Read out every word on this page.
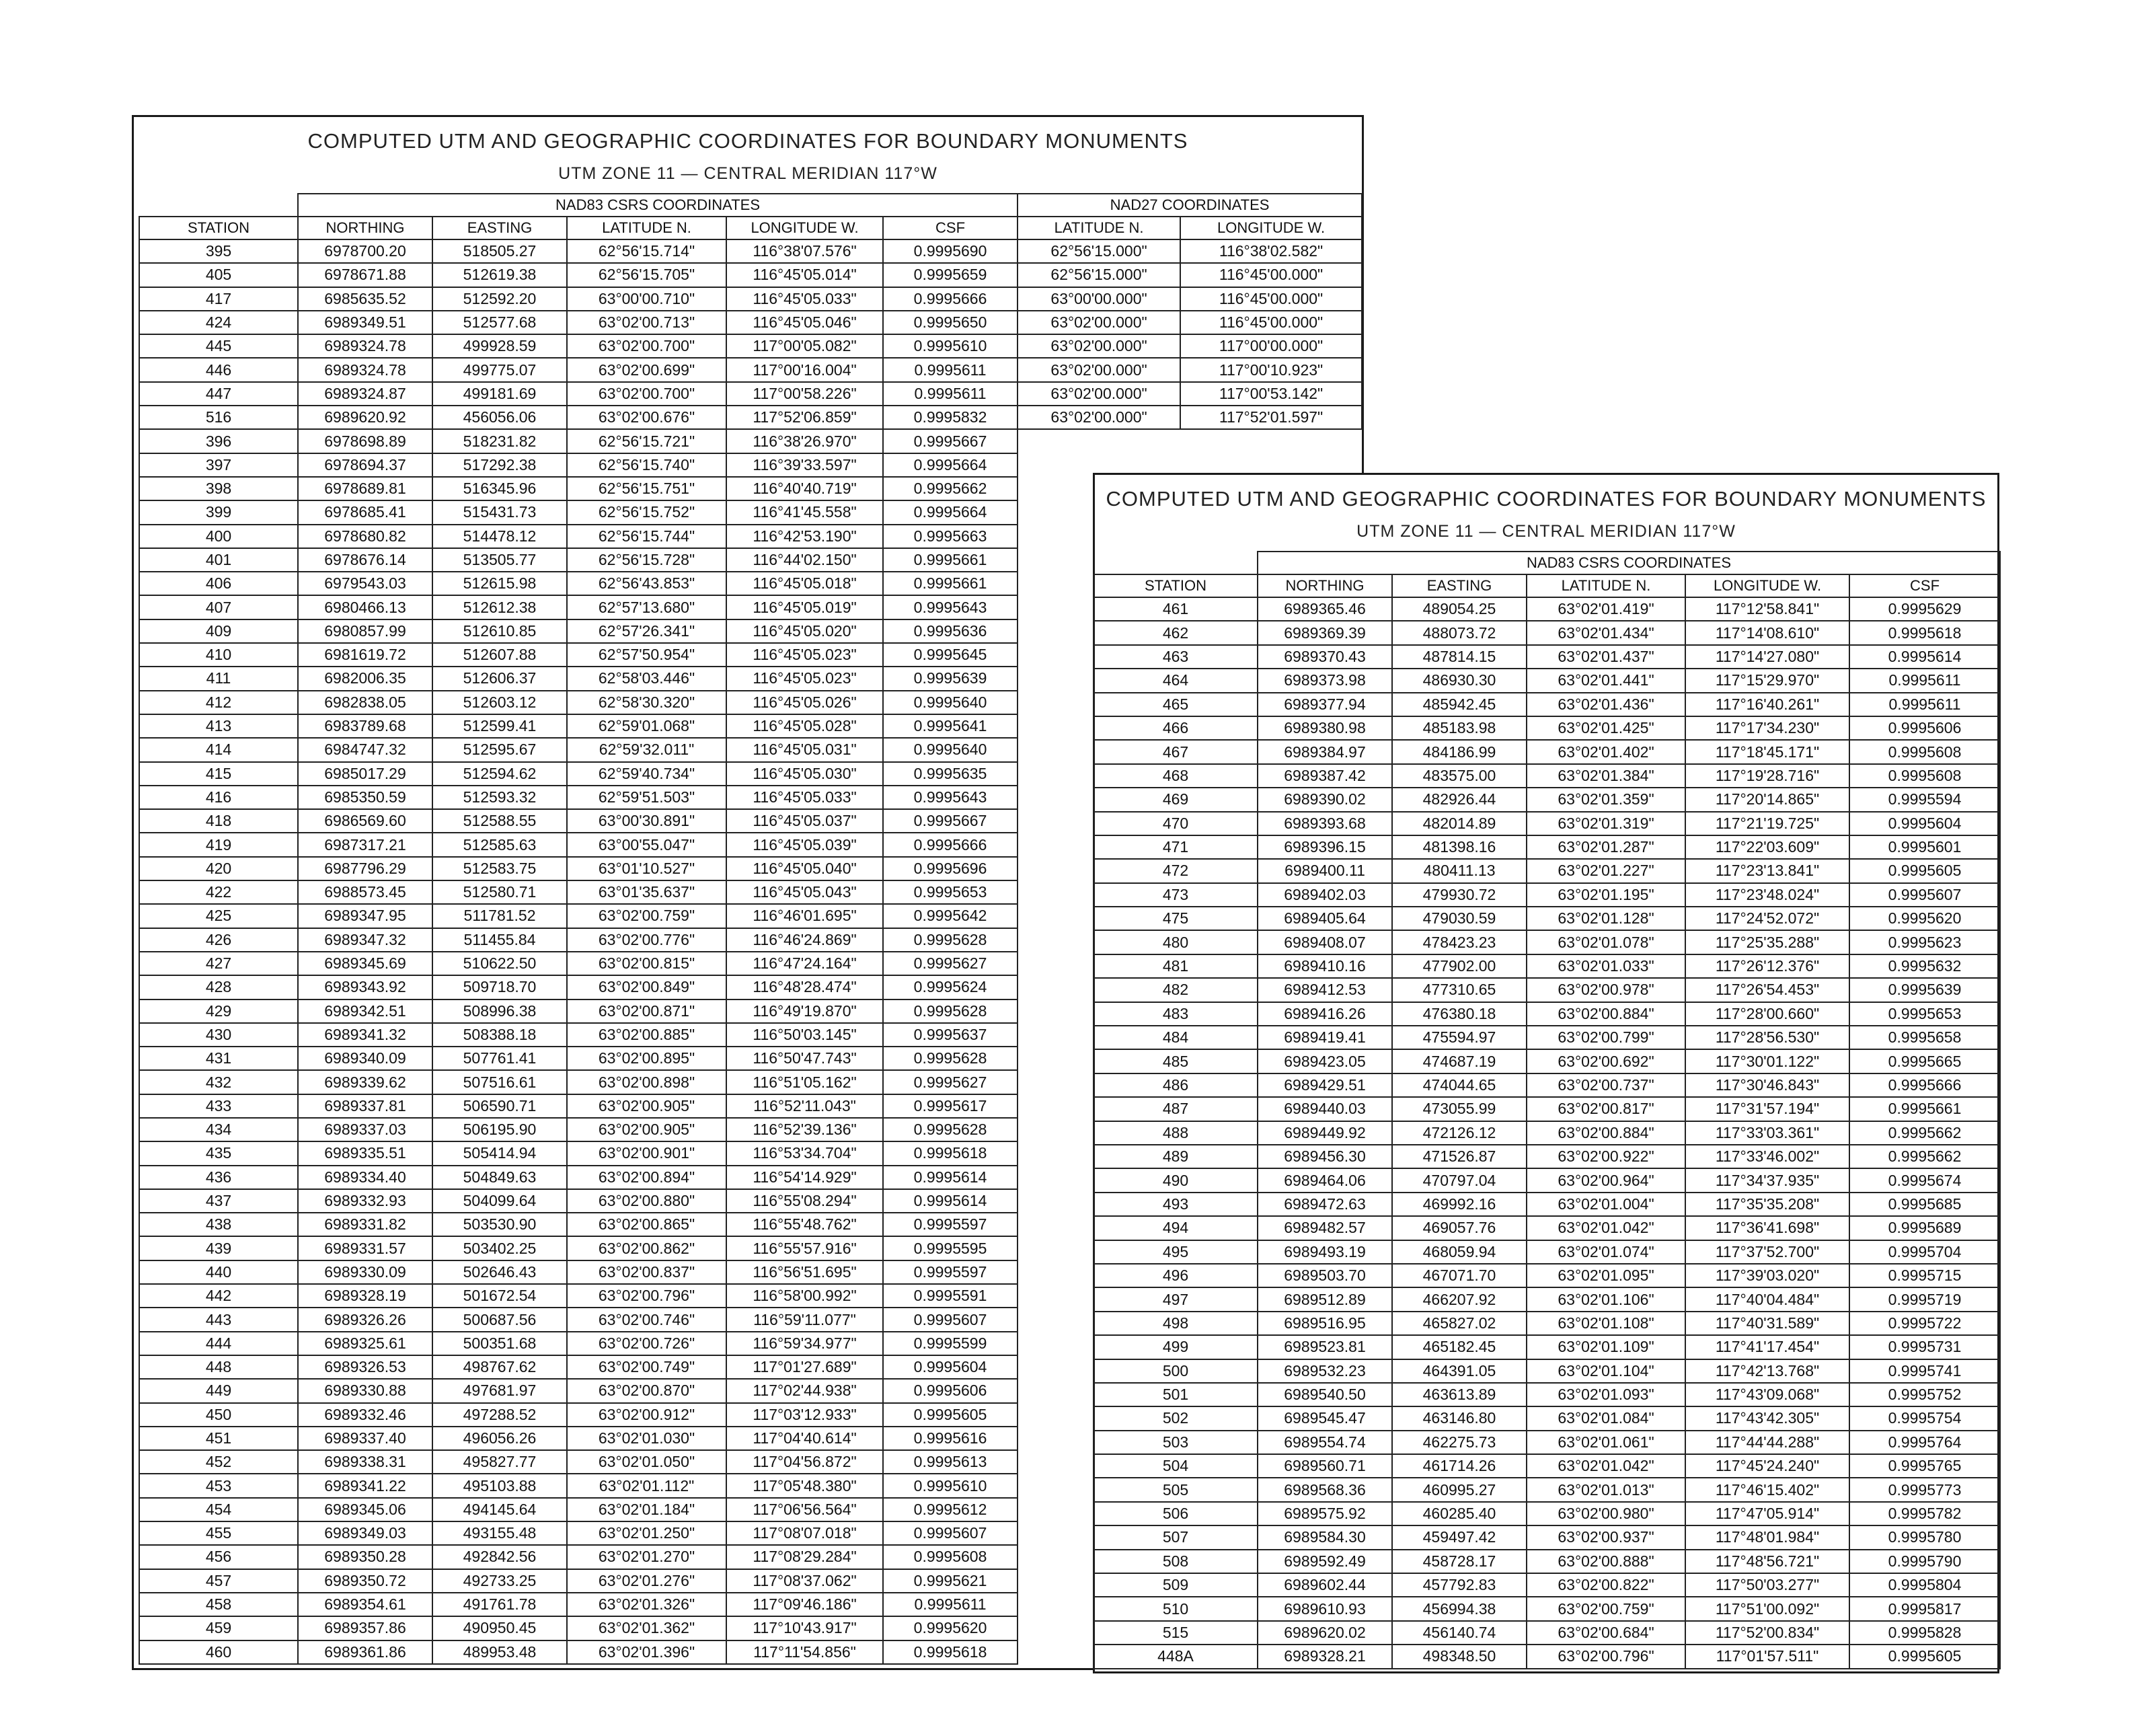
COMPUTED UTM AND GEOGRAPHIC COORDINATES FOR BOUNDARY MONUMENTS
UTM ZONE 11 — CENTRAL MERIDIAN 117°W
	NAD83 CSRS COORDINATES					NAD27 COORDINATES	
STATION	NORTHING	EASTING	LATITUDE N.	LONGITUDE W.	CSF	LATITUDE N.	LONGITUDE W.
395	6978700.20	518505.27	62°56'15.714"	116°38'07.576"	0.9995690	62°56'15.000"	116°38'02.582"
405	6978671.88	512619.38	62°56'15.705"	116°45'05.014"	0.9995659	62°56'15.000"	116°45'00.000"
417	6985635.52	512592.20	63°00'00.710"	116°45'05.033"	0.9995666	63°00'00.000"	116°45'00.000"
424	6989349.51	512577.68	63°02'00.713"	116°45'05.046"	0.9995650	63°02'00.000"	116°45'00.000"
445	6989324.78	499928.59	63°02'00.700"	117°00'05.082"	0.9995610	63°02'00.000"	117°00'00.000"
446	6989324.78	499775.07	63°02'00.699"	117°00'16.004"	0.9995611	63°02'00.000"	117°00'10.923"
447	6989324.87	499181.69	63°02'00.700"	117°00'58.226"	0.9995611	63°02'00.000"	117°00'53.142"
516	6989620.92	456056.06	63°02'00.676"	117°52'06.859"	0.9995832	63°02'00.000"	117°52'01.597"
396	6978698.89	518231.82	62°56'15.721"	116°38'26.970"	0.9995667		
397	6978694.37	517292.38	62°56'15.740"	116°39'33.597"	0.9995664		
398	6978689.81	516345.96	62°56'15.751"	116°40'40.719"	0.9995662		
399	6978685.41	515431.73	62°56'15.752"	116°41'45.558"	0.9995664		
400	6978680.82	514478.12	62°56'15.744"	116°42'53.190"	0.9995663		
401	6978676.14	513505.77	62°56'15.728"	116°44'02.150"	0.9995661		
406	6979543.03	512615.98	62°56'43.853"	116°45'05.018"	0.9995661		
407	6980466.13	512612.38	62°57'13.680"	116°45'05.019"	0.9995643		
409	6980857.99	512610.85	62°57'26.341"	116°45'05.020"	0.9995636		
410	6981619.72	512607.88	62°57'50.954"	116°45'05.023"	0.9995645		
411	6982006.35	512606.37	62°58'03.446"	116°45'05.023"	0.9995639		
412	6982838.05	512603.12	62°58'30.320"	116°45'05.026"	0.9995640		
413	6983789.68	512599.41	62°59'01.068"	116°45'05.028"	0.9995641		
414	6984747.32	512595.67	62°59'32.011"	116°45'05.031"	0.9995640		
415	6985017.29	512594.62	62°59'40.734"	116°45'05.030"	0.9995635		
416	6985350.59	512593.32	62°59'51.503"	116°45'05.033"	0.9995643		
418	6986569.60	512588.55	63°00'30.891"	116°45'05.037"	0.9995667		
419	6987317.21	512585.63	63°00'55.047"	116°45'05.039"	0.9995666		
420	6987796.29	512583.75	63°01'10.527"	116°45'05.040"	0.9995696		
422	6988573.45	512580.71	63°01'35.637"	116°45'05.043"	0.9995653		
425	6989347.95	511781.52	63°02'00.759"	116°46'01.695"	0.9995642		
426	6989347.32	511455.84	63°02'00.776"	116°46'24.869"	0.9995628		
427	6989345.69	510622.50	63°02'00.815"	116°47'24.164"	0.9995627		
428	6989343.92	509718.70	63°02'00.849"	116°48'28.474"	0.9995624		
429	6989342.51	508996.38	63°02'00.871"	116°49'19.870"	0.9995628		
430	6989341.32	508388.18	63°02'00.885"	116°50'03.145"	0.9995637		
431	6989340.09	507761.41	63°02'00.895"	116°50'47.743"	0.9995628		
432	6989339.62	507516.61	63°02'00.898"	116°51'05.162"	0.9995627		
433	6989337.81	506590.71	63°02'00.905"	116°52'11.043"	0.9995617		
434	6989337.03	506195.90	63°02'00.905"	116°52'39.136"	0.9995628		
435	6989335.51	505414.94	63°02'00.901"	116°53'34.704"	0.9995618		
436	6989334.40	504849.63	63°02'00.894"	116°54'14.929"	0.9995614		
437	6989332.93	504099.64	63°02'00.880"	116°55'08.294"	0.9995614		
438	6989331.82	503530.90	63°02'00.865"	116°55'48.762"	0.9995597		
439	6989331.57	503402.25	63°02'00.862"	116°55'57.916"	0.9995595		
440	6989330.09	502646.43	63°02'00.837"	116°56'51.695"	0.9995597		
442	6989328.19	501672.54	63°02'00.796"	116°58'00.992"	0.9995591		
443	6989326.26	500687.56	63°02'00.746"	116°59'11.077"	0.9995607		
444	6989325.61	500351.68	63°02'00.726"	116°59'34.977"	0.9995599		
448	6989326.53	498767.62	63°02'00.749"	117°01'27.689"	0.9995604		
449	6989330.88	497681.97	63°02'00.870"	117°02'44.938"	0.9995606		
450	6989332.46	497288.52	63°02'00.912"	117°03'12.933"	0.9995605		
451	6989337.40	496056.26	63°02'01.030"	117°04'40.614"	0.9995616		
452	6989338.31	495827.77	63°02'01.050"	117°04'56.872"	0.9995613		
453	6989341.22	495103.88	63°02'01.112"	117°05'48.380"	0.9995610		
454	6989345.06	494145.64	63°02'01.184"	117°06'56.564"	0.9995612		
455	6989349.03	493155.48	63°02'01.250"	117°08'07.018"	0.9995607		
456	6989350.28	492842.56	63°02'01.270"	117°08'29.284"	0.9995608		
457	6989350.72	492733.25	63°02'01.276"	117°08'37.062"	0.9995621		
458	6989354.61	491761.78	63°02'01.326"	117°09'46.186"	0.9995611		
459	6989357.86	490950.45	63°02'01.362"	117°10'43.917"	0.9995620		
460	6989361.86	489953.48	63°02'01.396"	117°11'54.856"	0.9995618		
COMPUTED UTM AND GEOGRAPHIC COORDINATES FOR BOUNDARY MONUMENTS
UTM ZONE 11 — CENTRAL MERIDIAN 117°W
	NAD83 CSRS COORDINATES				
STATION	NORTHING	EASTING	LATITUDE N.	LONGITUDE W.	CSF
461	6989365.46	489054.25	63°02'01.419"	117°12'58.841"	0.9995629
462	6989369.39	488073.72	63°02'01.434"	117°14'08.610"	0.9995618
463	6989370.43	487814.15	63°02'01.437"	117°14'27.080"	0.9995614
464	6989373.98	486930.30	63°02'01.441"	117°15'29.970"	0.9995611
465	6989377.94	485942.45	63°02'01.436"	117°16'40.261"	0.9995611
466	6989380.98	485183.98	63°02'01.425"	117°17'34.230"	0.9995606
467	6989384.97	484186.99	63°02'01.402"	117°18'45.171"	0.9995608
468	6989387.42	483575.00	63°02'01.384"	117°19'28.716"	0.9995608
469	6989390.02	482926.44	63°02'01.359"	117°20'14.865"	0.9995594
470	6989393.68	482014.89	63°02'01.319"	117°21'19.725"	0.9995604
471	6989396.15	481398.16	63°02'01.287"	117°22'03.609"	0.9995601
472	6989400.11	480411.13	63°02'01.227"	117°23'13.841"	0.9995605
473	6989402.03	479930.72	63°02'01.195"	117°23'48.024"	0.9995607
475	6989405.64	479030.59	63°02'01.128"	117°24'52.072"	0.9995620
480	6989408.07	478423.23	63°02'01.078"	117°25'35.288"	0.9995623
481	6989410.16	477902.00	63°02'01.033"	117°26'12.376"	0.9995632
482	6989412.53	477310.65	63°02'00.978"	117°26'54.453"	0.9995639
483	6989416.26	476380.18	63°02'00.884"	117°28'00.660"	0.9995653
484	6989419.41	475594.97	63°02'00.799"	117°28'56.530"	0.9995658
485	6989423.05	474687.19	63°02'00.692"	117°30'01.122"	0.9995665
486	6989429.51	474044.65	63°02'00.737"	117°30'46.843"	0.9995666
487	6989440.03	473055.99	63°02'00.817"	117°31'57.194"	0.9995661
488	6989449.92	472126.12	63°02'00.884"	117°33'03.361"	0.9995662
489	6989456.30	471526.87	63°02'00.922"	117°33'46.002"	0.9995662
490	6989464.06	470797.04	63°02'00.964"	117°34'37.935"	0.9995674
493	6989472.63	469992.16	63°02'01.004"	117°35'35.208"	0.9995685
494	6989482.57	469057.76	63°02'01.042"	117°36'41.698"	0.9995689
495	6989493.19	468059.94	63°02'01.074"	117°37'52.700"	0.9995704
496	6989503.70	467071.70	63°02'01.095"	117°39'03.020"	0.9995715
497	6989512.89	466207.92	63°02'01.106"	117°40'04.484"	0.9995719
498	6989516.95	465827.02	63°02'01.108"	117°40'31.589"	0.9995722
499	6989523.81	465182.45	63°02'01.109"	117°41'17.454"	0.9995731
500	6989532.23	464391.05	63°02'01.104"	117°42'13.768"	0.9995741
501	6989540.50	463613.89	63°02'01.093"	117°43'09.068"	0.9995752
502	6989545.47	463146.80	63°02'01.084"	117°43'42.305"	0.9995754
503	6989554.74	462275.73	63°02'01.061"	117°44'44.288"	0.9995764
504	6989560.71	461714.26	63°02'01.042"	117°45'24.240"	0.9995765
505	6989568.36	460995.27	63°02'01.013"	117°46'15.402"	0.9995773
506	6989575.92	460285.40	63°02'00.980"	117°47'05.914"	0.9995782
507	6989584.30	459497.42	63°02'00.937"	117°48'01.984"	0.9995780
508	6989592.49	458728.17	63°02'00.888"	117°48'56.721"	0.9995790
509	6989602.44	457792.83	63°02'00.822"	117°50'03.277"	0.9995804
510	6989610.93	456994.38	63°02'00.759"	117°51'00.092"	0.9995817
515	6989620.02	456140.74	63°02'00.684"	117°52'00.834"	0.9995828
448A	6989328.21	498348.50	63°02'00.796"	117°01'57.511"	0.9995605
